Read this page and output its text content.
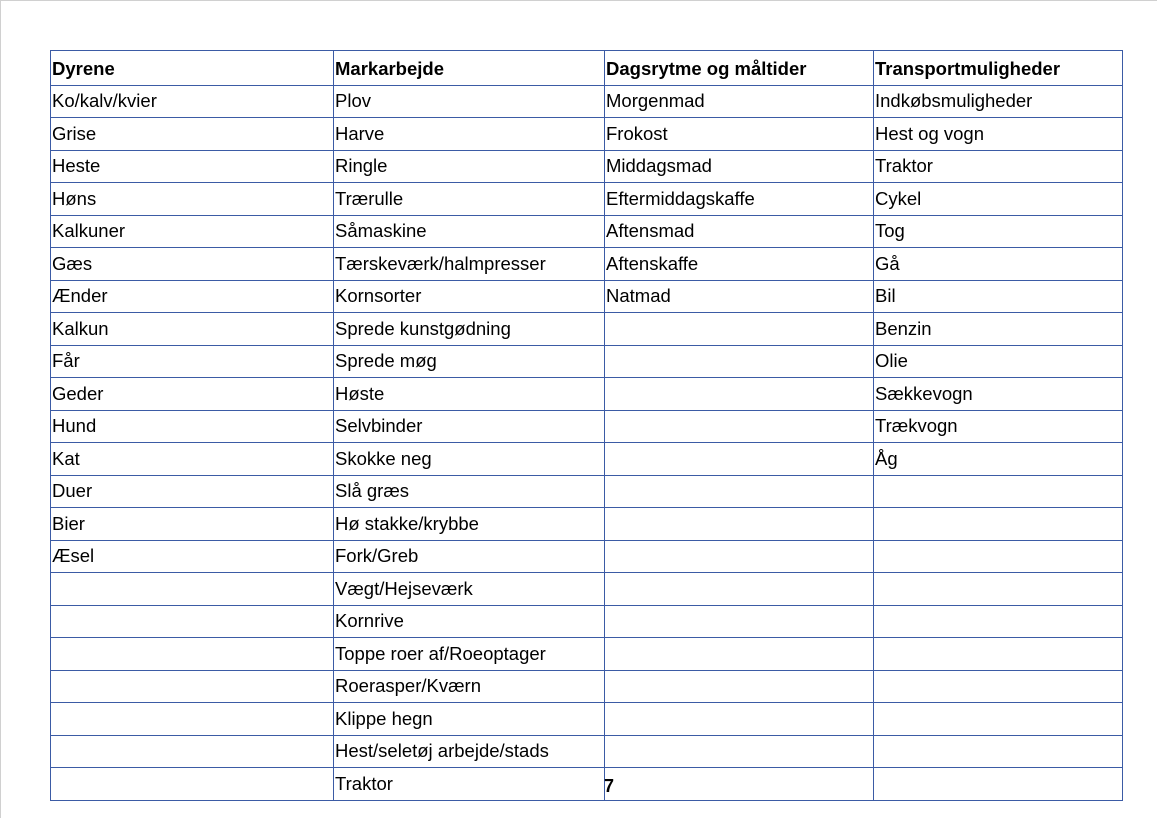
Dyrene	Markarbejde	Dagsrytme og måltider	Transportmuligheder
Ko/kalv/kvier	Plov	Morgenmad	Indkøbsmuligheder
Grise	Harve	Frokost	Hest og vogn
Heste	Ringle	Middagsmad	Traktor
Høns	Trærulle	Eftermiddagskaffe	Cykel
Kalkuner	Såmaskine	Aftensmad	Tog
Gæs	Tærskeværk/halmpresser	Aftenskaffe	Gå
Ænder	Kornsorter	Natmad	Bil
Kalkun	Sprede kunstgødning		Benzin
Får	Sprede møg		Olie
Geder	Høste		Sækkevogn
Hund	Selvbinder		Trækvogn
Kat	Skokke neg		Åg
Duer	Slå græs		
Bier	Hø stakke/krybbe		
Æsel	Fork/Greb		
	Vægt/Hejseværk		
	Kornrive		
	Toppe roer af/Roeoptager		
	Roerasper/Kværn		
	Klippe hegn		
	Hest/seletøj arbejde/stads		
	Traktor			7
